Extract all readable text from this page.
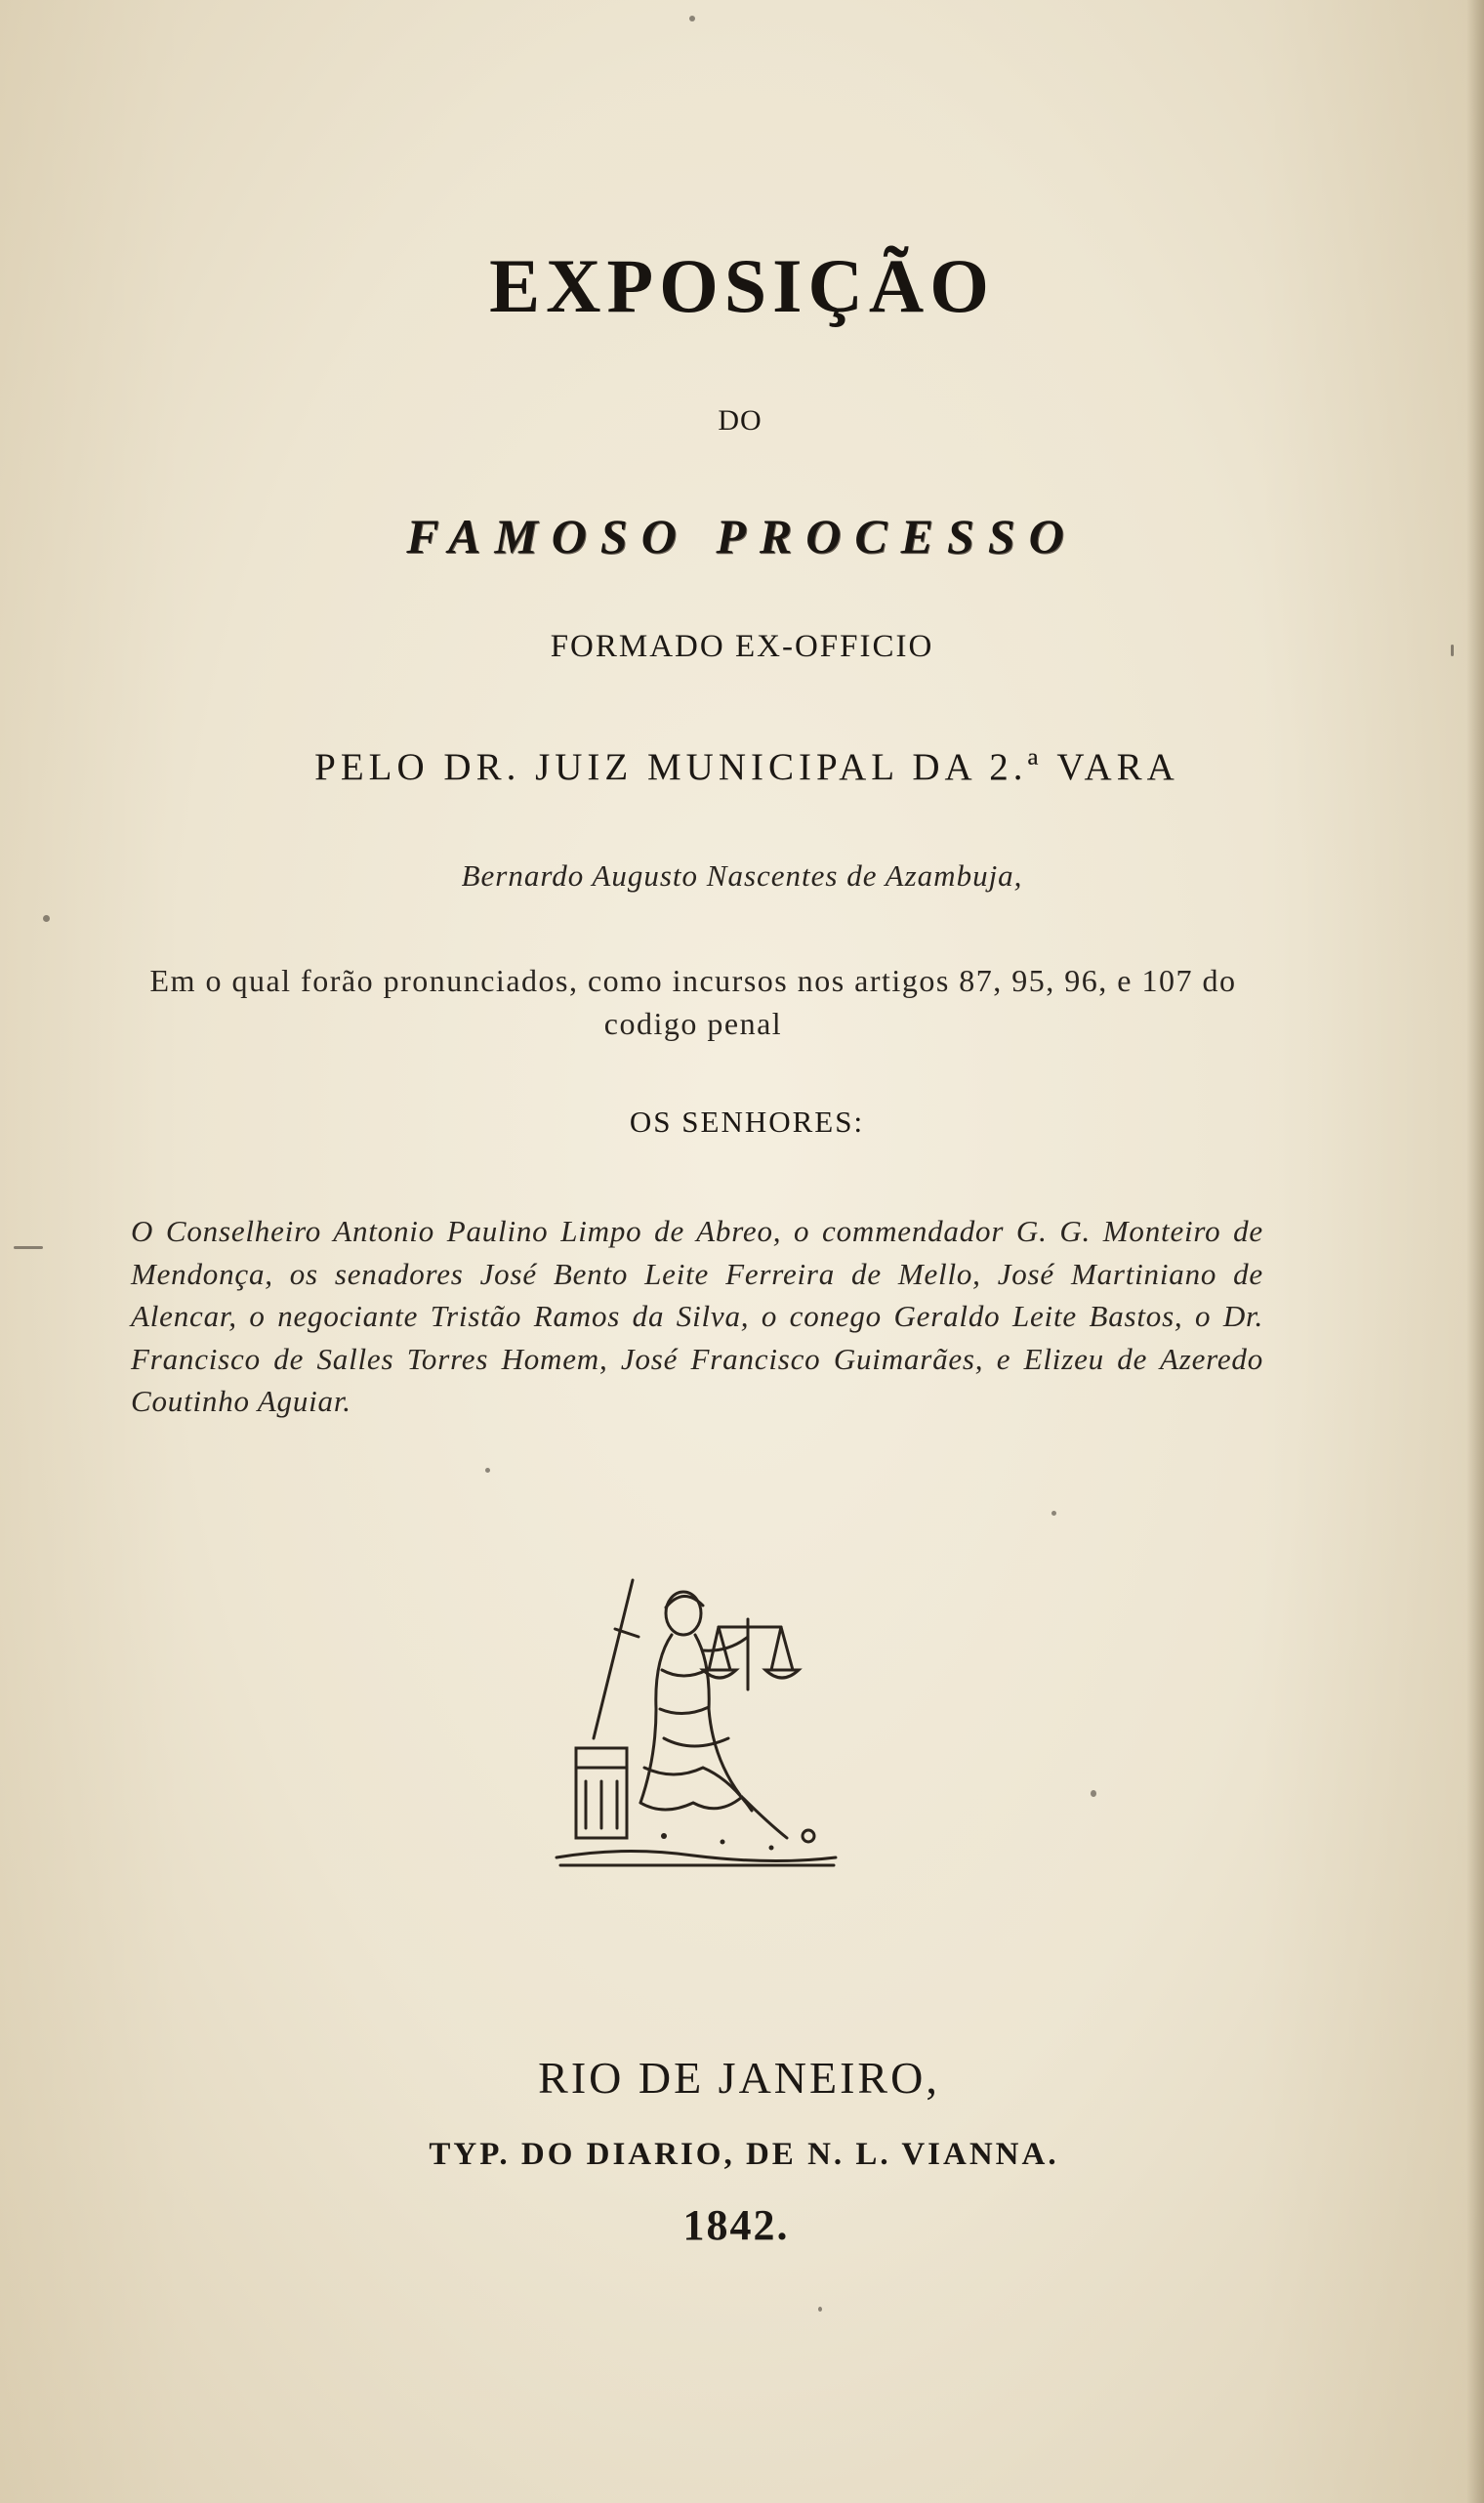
EXPOSIÇÃO
DO
FAMOSO PROCESSO
FORMADO EX-OFFICIO
PELO DR. JUIZ MUNICIPAL DA 2.ª VARA
Bernardo Augusto Nascentes de Azambuja,
Em o qual forão pronunciados, como incursos nos artigos 87, 95, 96, e 107 do codigo penal
OS SENHORES:
O Conselheiro Antonio Paulino Limpo de Abreo, o commendador G. G. Monteiro de Mendonça, os senadores José Bento Leite Ferreira de Mello, José Martiniano de Alencar, o negociante Tristão Ramos da Silva, o conego Geraldo Leite Bastos, o Dr. Francisco de Salles Torres Homem, José Francisco Guimarães, e Elizeu de Azeredo Coutinho Aguiar.
RIO DE JANEIRO,
TYP. DO DIARIO, DE N. L. VIANNA.
1842.
